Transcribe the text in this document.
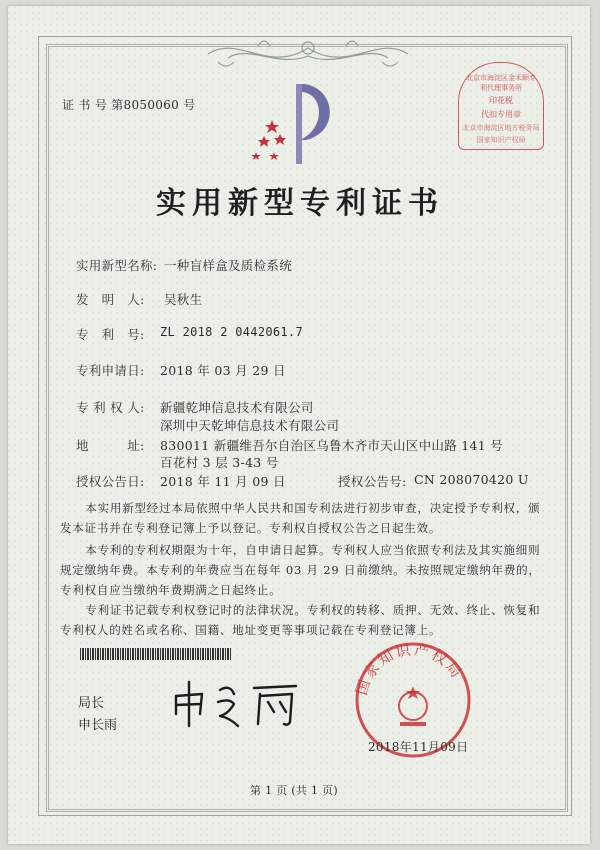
证 书 号 第8050060 号
北京市海淀区金禾顺专利代理事务所
印花税
代扣专用章
北京市海淀区地方税务局
国家知识产权局
实用新型专利证书
实用新型名称: 一种盲样盒及质检系统
发　明　人: 吴秋生
专　利　号: ZL 2018 2 0442061.7
专利申请日: 2018 年 03 月 29 日
专 利 权 人: 新疆乾坤信息技术有限公司
深圳中天乾坤信息技术有限公司
地　　　址: 830011 新疆维吾尔自治区乌鲁木齐市天山区中山路 141 号
百花村 3 层 3-43 号
授权公告日: 2018 年 11 月 09 日	授权公告号: CN 208070420 U
本实用新型经过本局依照中华人民共和国专利法进行初步审查，决定授予专利权，颁发本证书并在专利登记簿上予以登记。专利权自授权公告之日起生效。
本专利的专利权期限为十年，自申请日起算。专利权人应当依照专利法及其实施细则规定缴纳年费。本专利的年费应当在每年 03 月 29 日前缴纳。未按照规定缴纳年费的，专利权自应当缴纳年费期满之日起终止。
专利证书记载专利权登记时的法律状况。专利权的转移、质押、无效、终止、恢复和专利权人的姓名或名称、国籍、地址变更等事项记载在专利登记簿上。
局长
申长雨
国家知识产权局
2018年11月09日
第 1 页 (共 1 页)
